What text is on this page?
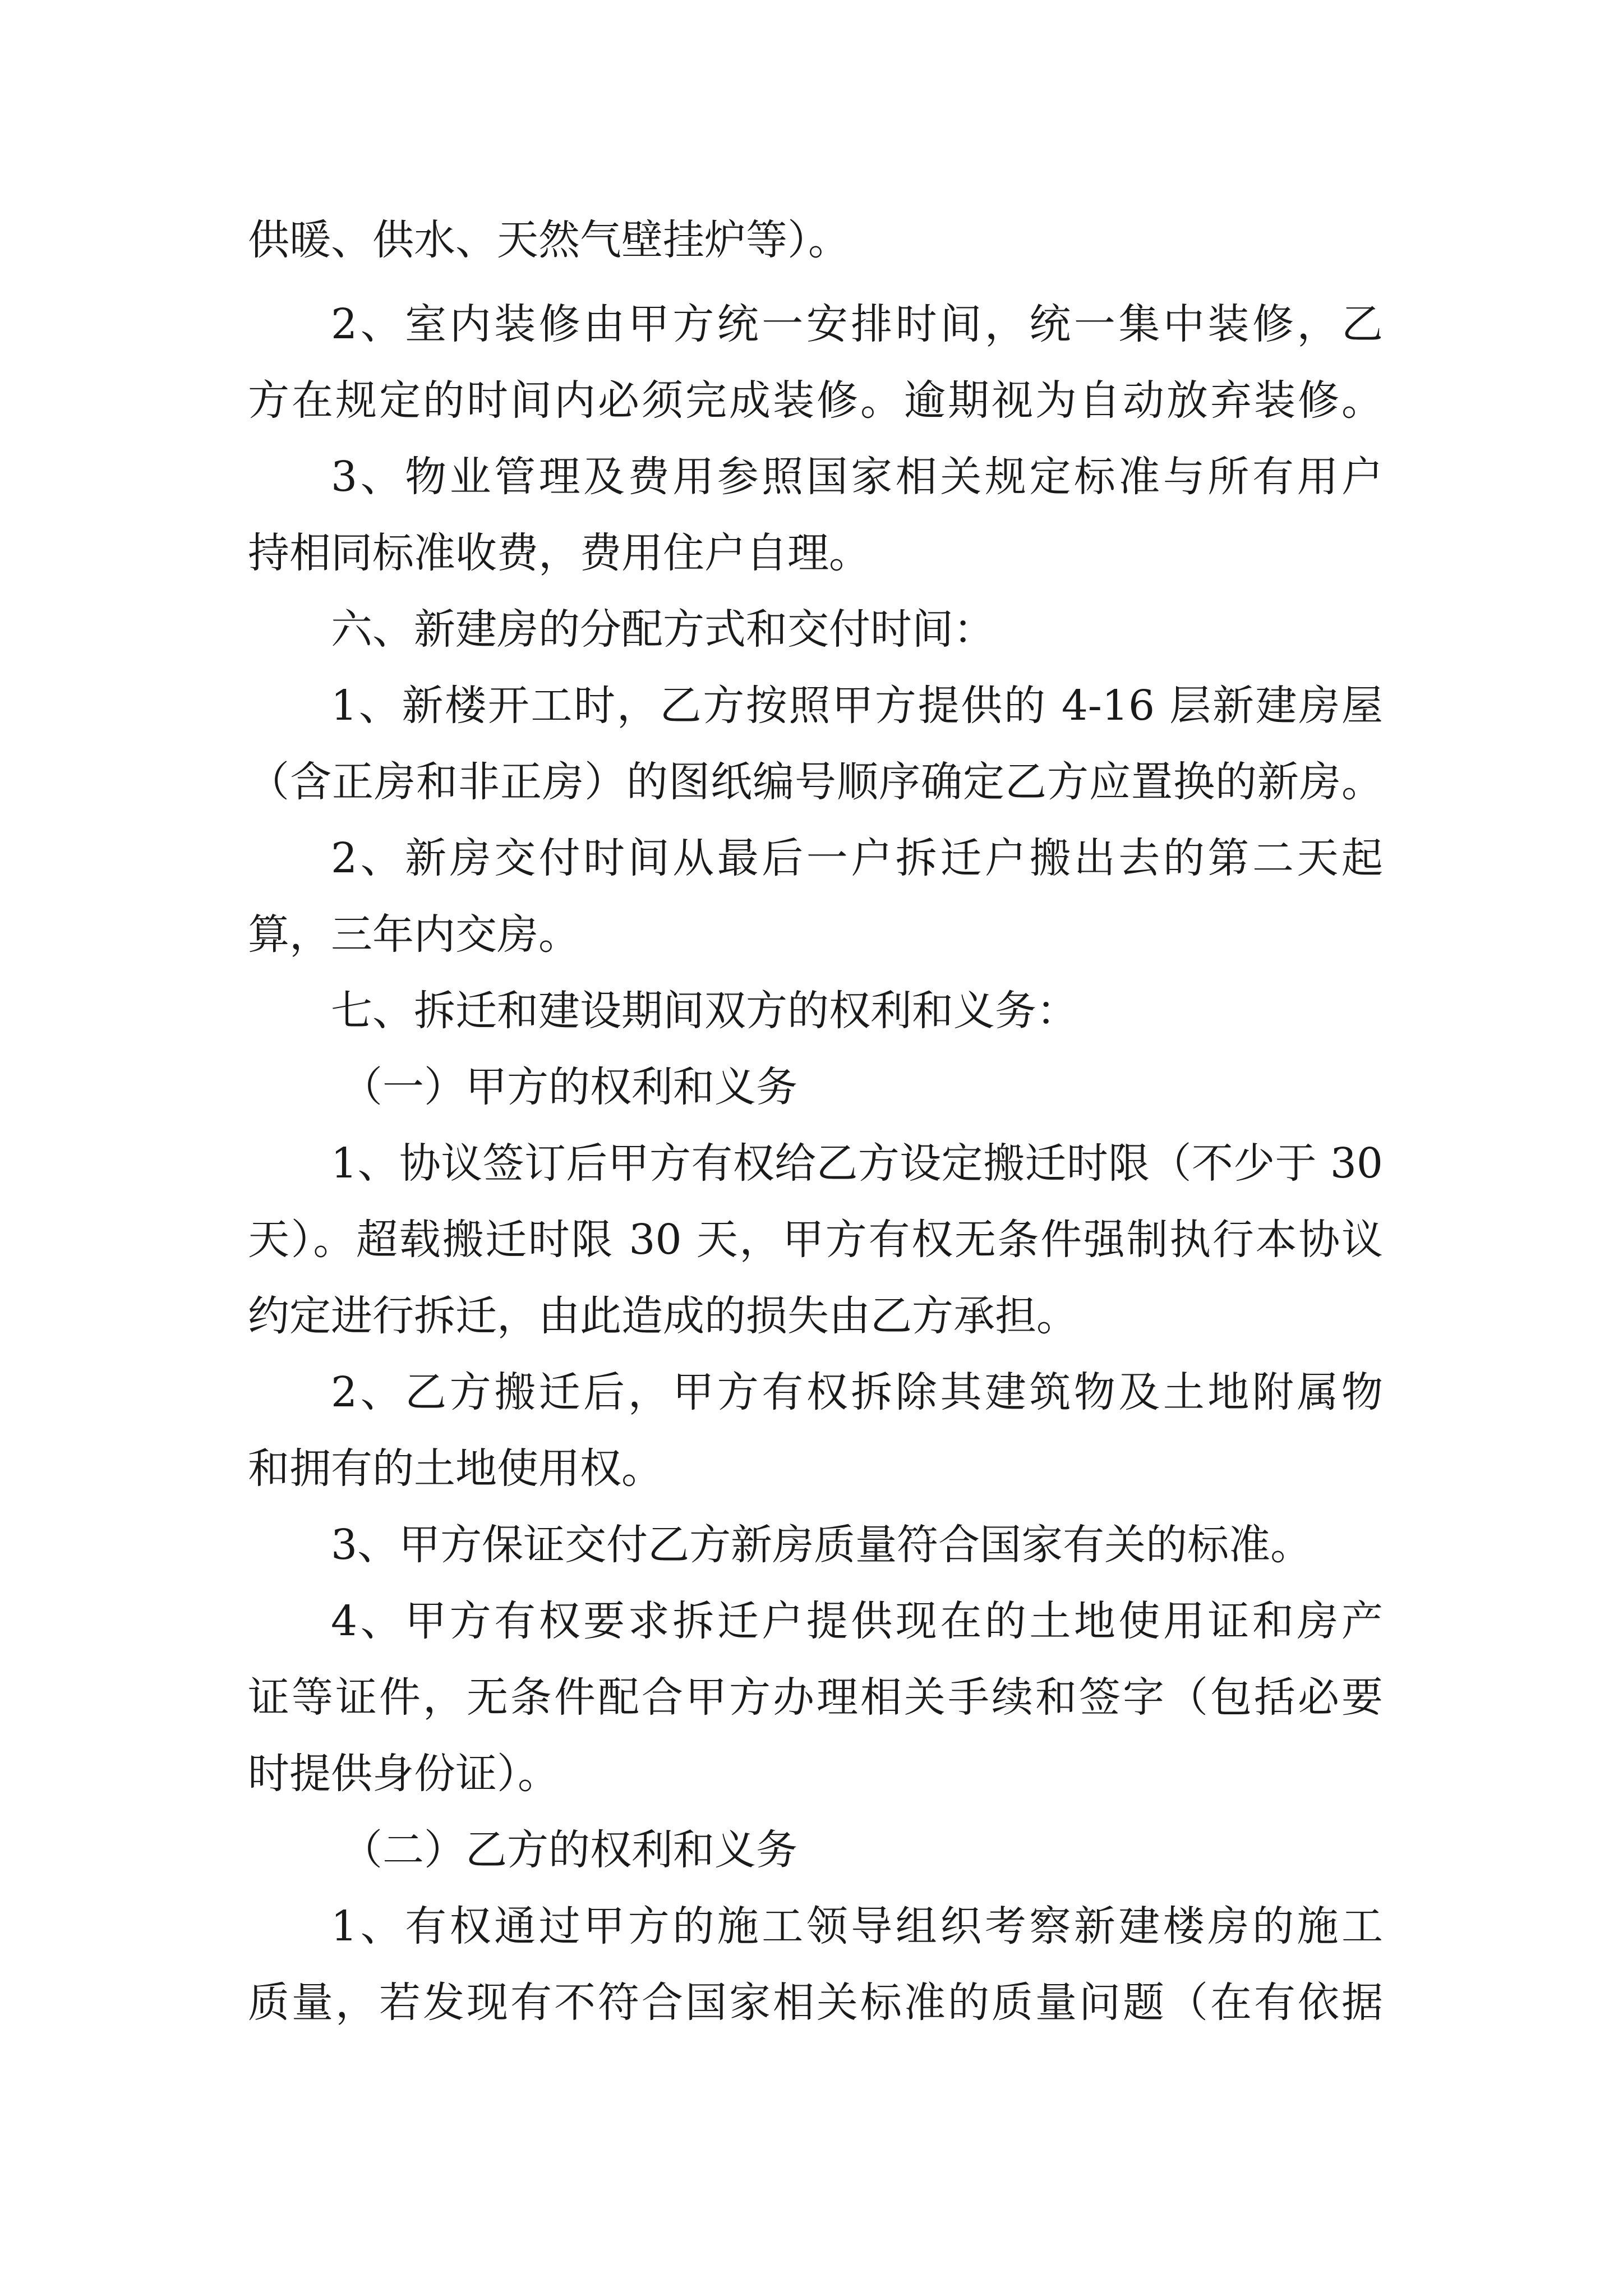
供暖、供水、天然气壁挂炉等）。

2、室内装修由甲方统一安排时间，统一集中装修，乙

方在规定的时间内必须完成装修。逾期视为自动放弃装修。

3、物业管理及费用参照国家相关规定标准与所有用户

持相同标准收费，费用住户自理。

六、新建房的分配方式和交付时间：

1、新楼开工时，乙方按照甲方提供的 4-16 层新建房屋

（含正房和非正房）的图纸编号顺序确定乙方应置换的新房。

2、新房交付时间从最后一户拆迁户搬出去的第二天起

算，三年内交房。

七、拆迁和建设期间双方的权利和义务：

（一）甲方的权利和义务

1、协议签订后甲方有权给乙方设定搬迁时限（不少于 30

天）。超载搬迁时限 30 天，甲方有权无条件强制执行本协议

约定进行拆迁，由此造成的损失由乙方承担。

2、乙方搬迁后，甲方有权拆除其建筑物及土地附属物

和拥有的土地使用权。

3、甲方保证交付乙方新房质量符合国家有关的标准。

4、甲方有权要求拆迁户提供现在的土地使用证和房产

证等证件，无条件配合甲方办理相关手续和签字（包括必要

时提供身份证）。

（二）乙方的权利和义务

1、有权通过甲方的施工领导组织考察新建楼房的施工

质量，若发现有不符合国家相关标准的质量问题（在有依据
